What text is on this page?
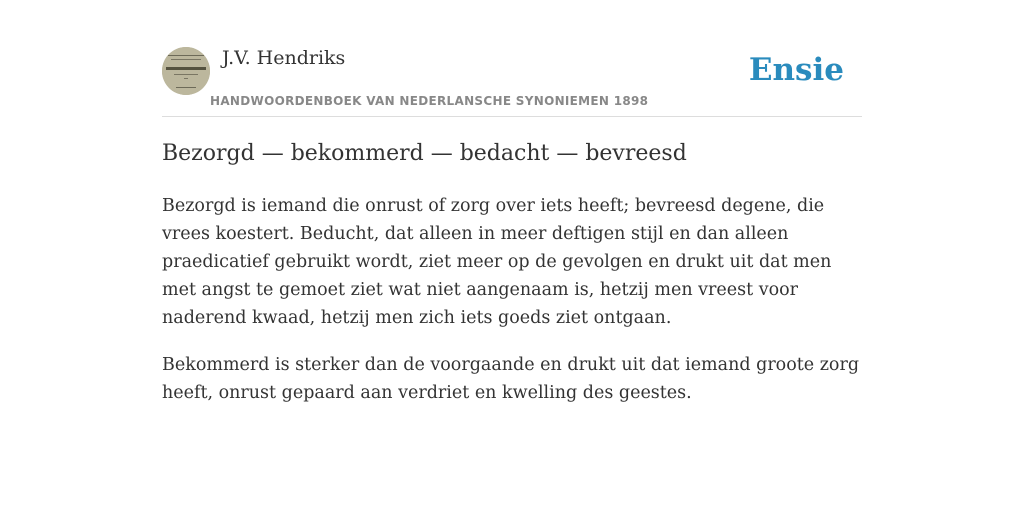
J.V. Hendriks
HANDWOORDENBOEK VAN NEDERLANSCHE SYNONIEMEN 1898
Ensie
Bezorgd — bekommerd — bedacht — bevreesd

Bezorgd is iemand die onrust of zorg over iets heeft; bevreesd degene, die vrees koestert. Beducht, dat alleen in meer deftigen stijl en dan alleen praedicatief gebruikt wordt, ziet meer op de gevolgen en drukt uit dat men met angst te gemoet ziet wat niet aangenaam is, hetzij men vreest voor naderend kwaad, hetzij men zich iets goeds ziet ontgaan.

Bekommerd is sterker dan de voorgaande en drukt uit dat iemand groote zorg heeft, onrust gepaard aan verdriet en kwelling des geestes.
